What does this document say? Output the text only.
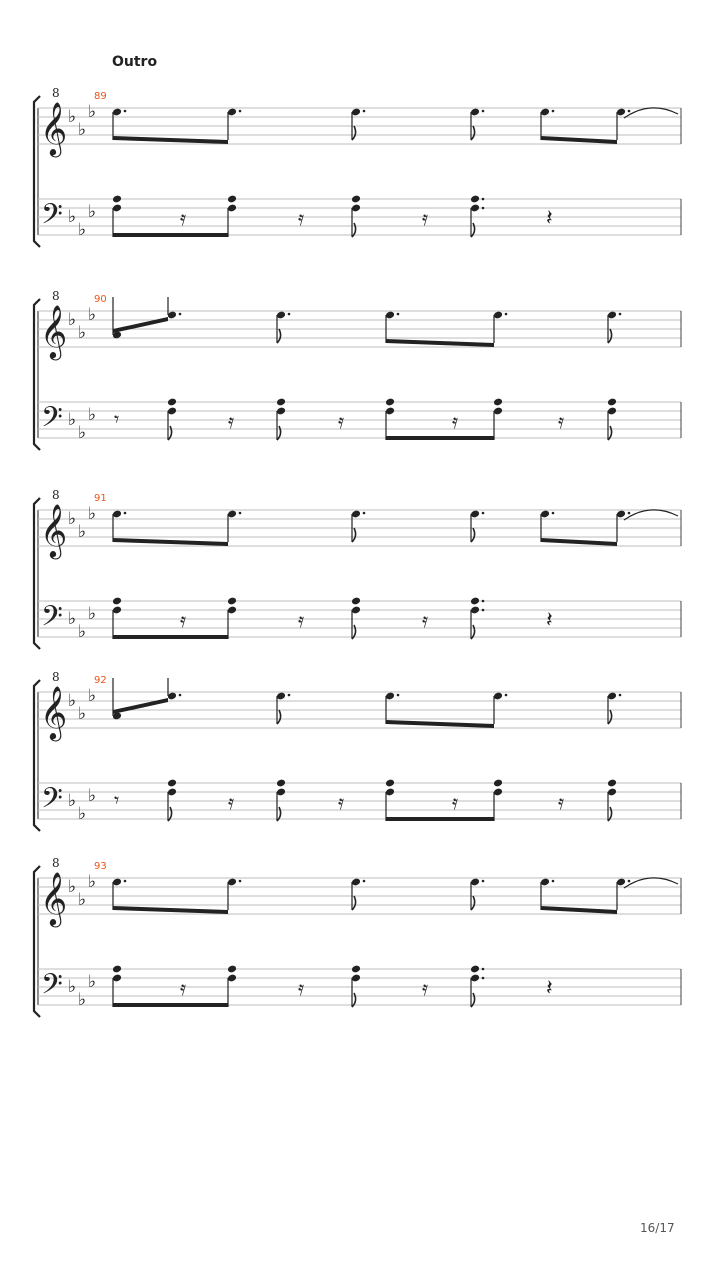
Outro
𝄞
8
𝄢
♭
♭
♭
♭
♭
♭
89
𝄿	𝄿	𝄿	𝄽
𝄞
8
𝄢
♭
♭
♭
♭
♭
♭
90
𝄾	𝄿	𝄿	𝄿	𝄿
𝄞
8
𝄢
♭
♭
♭
♭
♭
♭
91
𝄿	𝄿	𝄿	𝄽
𝄞
8
𝄢
♭
♭
♭
♭
♭
♭
92
𝄾	𝄿	𝄿	𝄿	𝄿
𝄞
8
𝄢
♭
♭
♭
♭
♭
♭
93
𝄿	𝄿	𝄿	𝄽
16/17
